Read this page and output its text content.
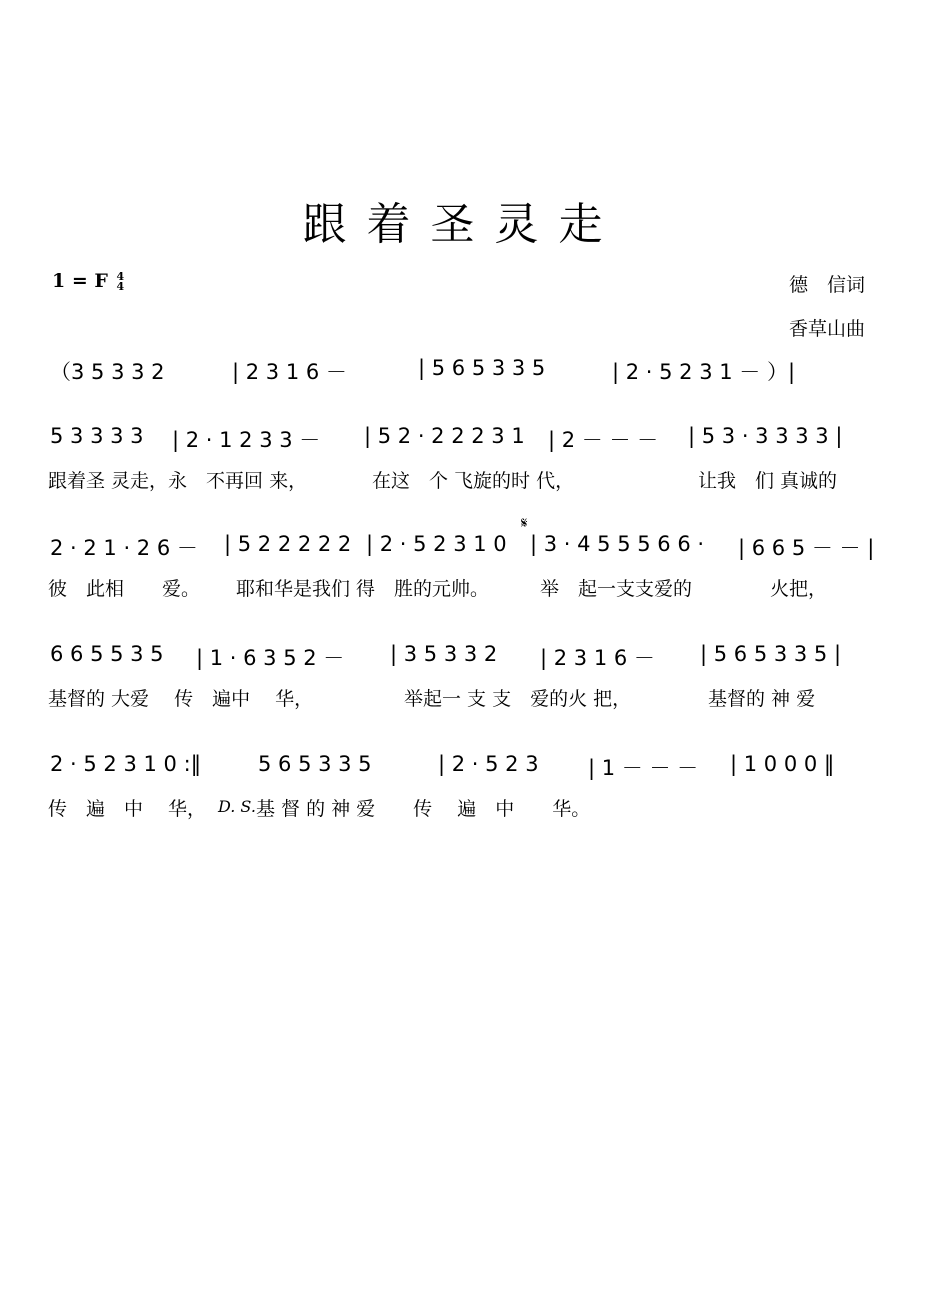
跟着圣灵走
1 = F 4
4	德　信词
香草山曲
𝄋
（3 5 3 3 2	| 2 3 1 6 －	| 5 6 5 3 3 5	| 2 · 5 2 3 1 － ）|
5 3 3 3 3 | 2 · 1 2 3 3 － | 5 2 · 2 2 2 3 1 | 2 － － － | 5 3 · 3 3 3 3 |
跟着圣 灵走，永　不再回 来，	在这　个 飞旋的时 代，	让我　们 真诚的
2 · 2 1 · 2 6 － | 5 2 2 2 2 2 | 2 · 5 2 3 1 0 | 3 · 4 5 5 5 6 6 · | 6 6 5 － － |
彼　此相　　爱。 耶和华是我们 得　胜的元帅。	举　起一支支爱的	火把，
6 6 5 5 3 5 | 1 · 6 3 5 2 － | 3 5 3 3 2 | 2 3 1 6 － | 5 6 5 3 3 5 |
基督的 大爱　 传　遍中　 华，	举起一 支 支　爱的火 把，	基督的 神 爱
2 · 5 2 3 1 0 :‖	5 6 5 3 3 5	| 2 · 5 2 3 | 1 － － － | 1 0 0 0 ‖
传　遍　中　 华， D. S. 基 督 的 神 爱　　传　 遍　中　　华。
